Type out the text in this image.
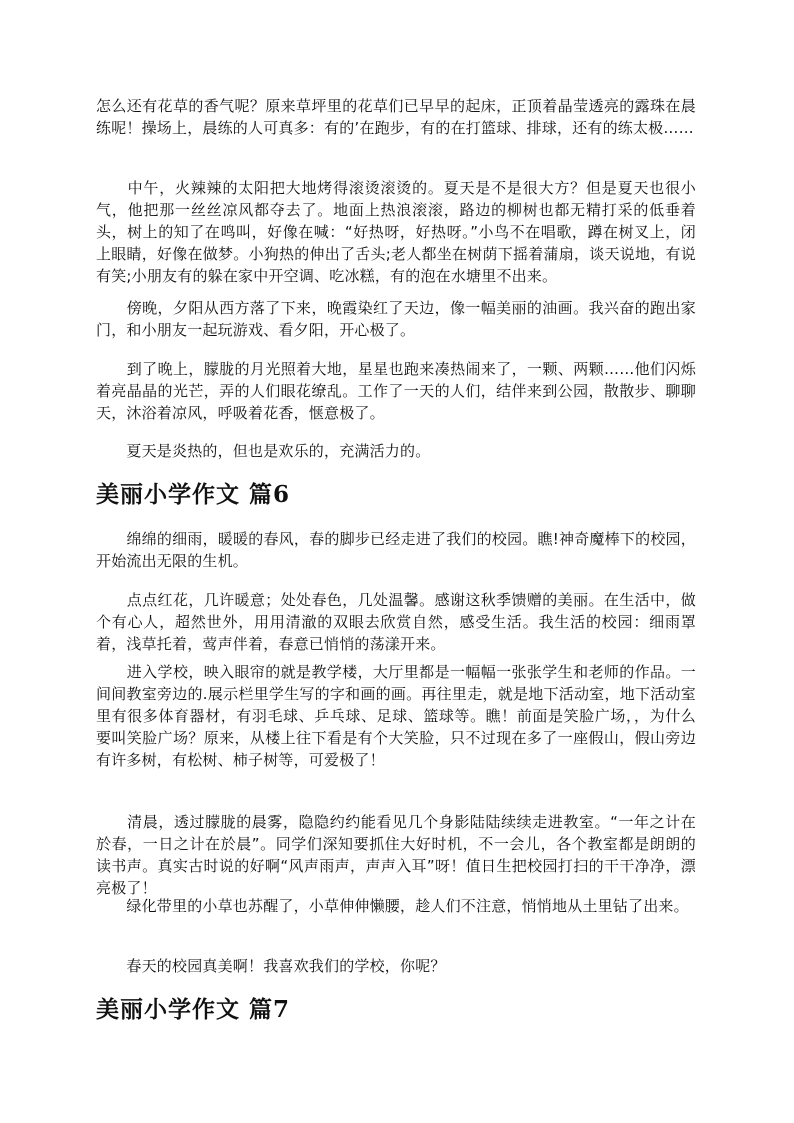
怎么还有花草的香气呢？原来草坪里的花草们已早早的起床，正顶着晶莹透亮的露珠在晨练呢！操场上，晨练的人可真多：有的’在跑步，有的在打篮球、排球，还有的练太极……

　　中午，火辣辣的太阳把大地烤得滚烫滚烫的。夏天是不是很大方？但是夏天也很小气，他把那一丝丝凉风都夺去了。地面上热浪滚滚，路边的柳树也都无精打采的低垂着头，树上的知了在鸣叫，好像在喊：“好热呀，好热呀。”小鸟不在唱歌，蹲在树叉上，闭上眼睛，好像在做梦。小狗热的伸出了舌头;老人都坐在树荫下摇着蒲扇，谈天说地，有说有笑;小朋友有的躲在家中开空调、吃冰糕，有的泡在水塘里不出来。

　　傍晚，夕阳从西方落了下来，晚霞染红了天边，像一幅美丽的油画。我兴奋的跑出家门，和小朋友一起玩游戏、看夕阳，开心极了。

　　到了晚上，朦胧的月光照着大地，星星也跑来凑热闹来了，一颗、两颗……他们闪烁着亮晶晶的光芒，弄的人们眼花缭乱。工作了一天的人们，结伴来到公园，散散步、聊聊天，沐浴着凉风，呼吸着花香，惬意极了。

　　夏天是炎热的，但也是欢乐的，充满活力的。

美丽小学作文 篇6

　　绵绵的细雨，暖暖的春风，春的脚步已经走进了我们的校园。瞧!神奇魔棒下的校园，开始流出无限的生机。

　　点点红花，几许暖意；处处春色，几处温馨。感谢这秋季馈赠的美丽。在生活中，做个有心人，超然世外，用用清澈的双眼去欣赏自然，感受生活。我生活的校园：细雨罩着，浅草托着，莺声伴着，春意已悄悄的荡漾开来。

　　进入学校，映入眼帘的就是教学楼，大厅里都是一幅幅一张张学生和老师的作品。一间间教室旁边的.展示栏里学生写的字和画的画。再往里走，就是地下活动室，地下活动室里有很多体育器材，有羽毛球、乒乓球、足球、篮球等。瞧！前面是笑脸广场，，为什么要叫笑脸广场？原来，从楼上往下看是有个大笑脸，只不过现在多了一座假山，假山旁边有许多树，有松树、柿子树等，可爱极了！

　　清晨，透过朦胧的晨雾，隐隐约约能看见几个身影陆陆续续走进教室。“一年之计在於春，一日之计在於晨”。同学们深知要抓住大好时机，不一会儿，各个教室都是朗朗的读书声。真实古时说的好啊“风声雨声，声声入耳”呀！值日生把校园打扫的干干净净，漂亮极了！

　　绿化带里的小草也苏醒了，小草伸伸懒腰，趁人们不注意，悄悄地从土里钻了出来。

　　春天的校园真美啊！我喜欢我们的学校，你呢？

美丽小学作文 篇7
